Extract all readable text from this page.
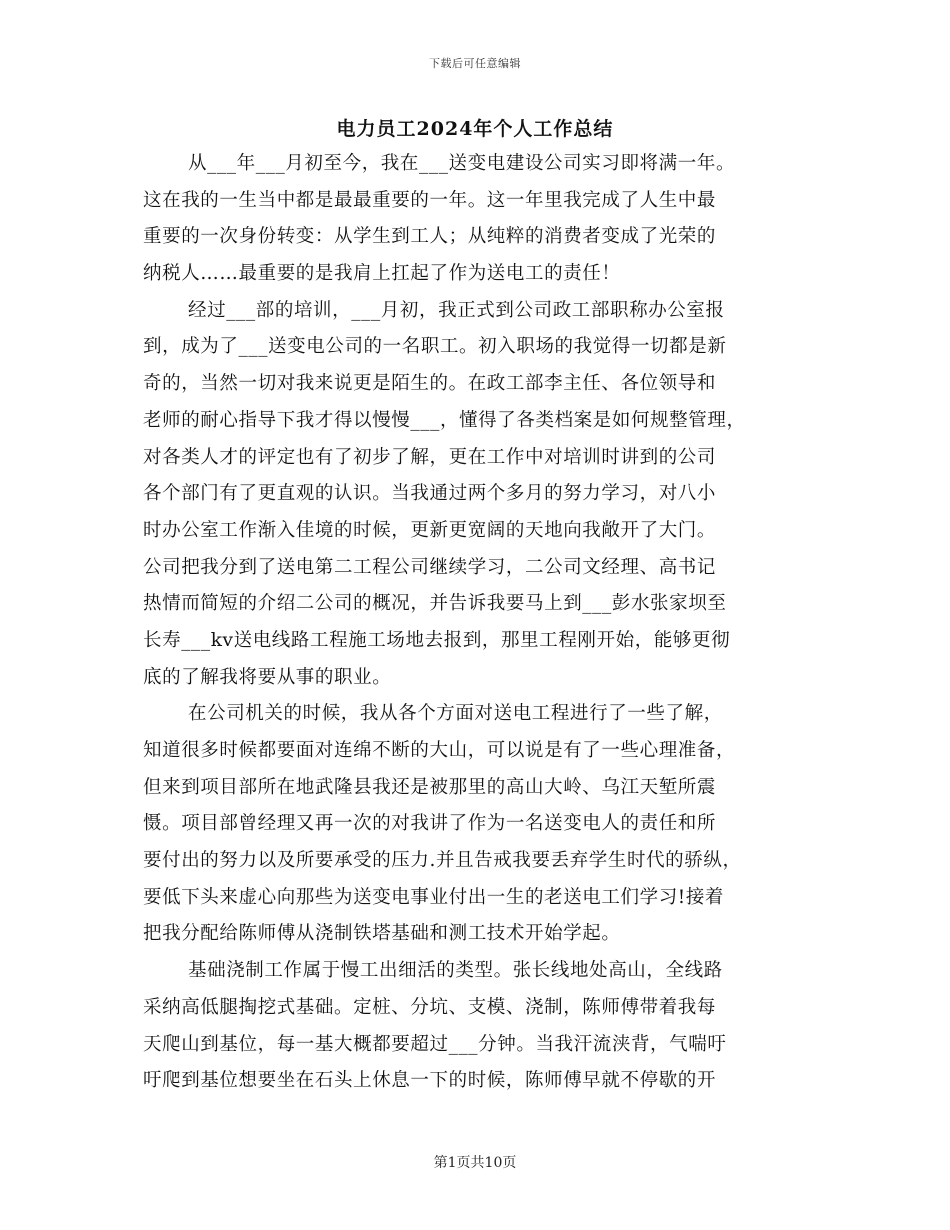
下载后可任意编辑
电力员工2024年个人工作总结
从___年___月初至今，我在___送变电建设公司实习即将满一年。
这在我的一生当中都是最最重要的一年。这一年里我完成了人生中最
重要的一次身份转变：从学生到工人；从纯粹的消费者变成了光荣的
纳税人……最重要的是我肩上扛起了作为送电工的责任！
经过___部的培训，___月初，我正式到公司政工部职称办公室报
到，成为了___送变电公司的一名职工。初入职场的我觉得一切都是新
奇的，当然一切对我来说更是陌生的。在政工部李主任、各位领导和
老师的耐心指导下我才得以慢慢___，懂得了各类档案是如何规整管理，
对各类人才的评定也有了初步了解，更在工作中对培训时讲到的公司
各个部门有了更直观的认识。当我通过两个多月的努力学习，对八小
时办公室工作渐入佳境的时候，更新更宽阔的天地向我敞开了大门。
公司把我分到了送电第二工程公司继续学习，二公司文经理、高书记
热情而简短的介绍二公司的概况，并告诉我要马上到___彭水张家坝至
长寿___kv送电线路工程施工场地去报到，那里工程刚开始，能够更彻
底的了解我将要从事的职业。
在公司机关的时候，我从各个方面对送电工程进行了一些了解，
知道很多时候都要面对连绵不断的大山，可以说是有了一些心理准备，
但来到项目部所在地武隆县我还是被那里的高山大岭、乌江天堑所震
慑。项目部曾经理又再一次的对我讲了作为一名送变电人的责任和所
要付出的努力以及所要承受的压力.并且告戒我要丢弃学生时代的骄纵，
要低下头来虚心向那些为送变电事业付出一生的老送电工们学习!接着
把我分配给陈师傅从浇制铁塔基础和测工技术开始学起。
基础浇制工作属于慢工出细活的类型。张长线地处高山，全线路
采纳高低腿掏挖式基础。定桩、分坑、支模、浇制，陈师傅带着我每
天爬山到基位，每一基大概都要超过___分钟。当我汗流浃背，气喘吁
吁爬到基位想要坐在石头上休息一下的时候，陈师傅早就不停歇的开
第1页共10页
